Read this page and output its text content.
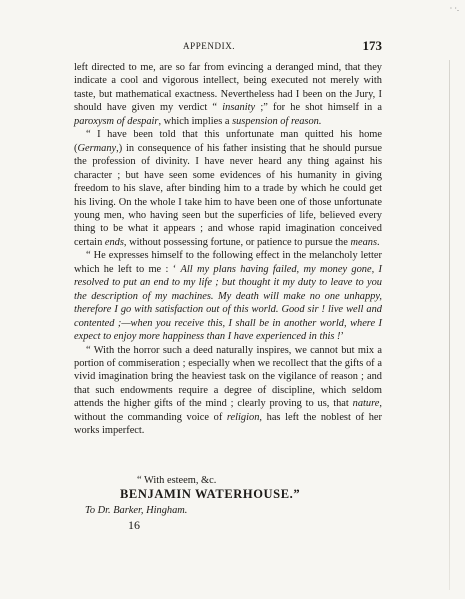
· ·.
APPENDIX.	173

left directed to me, are so far from evincing a deranged mind, that they indicate a cool and vigorous intellect, being executed not merely with taste, but mathematical exactness. Nevertheless had I been on the Jury, I should have given my verdict “ insanity ;” for he shot himself in a paroxysm of despair, which implies a suspension of reason.

“ I have been told that this unfortunate man quitted his home (Germany,) in consequence of his father insisting that he should pursue the profession of divinity. I have never heard any thing against his character ; but have seen some evidences of his humanity in giving freedom to his slave, after binding him to a trade by which he could get his living. On the whole I take him to have been one of those unfortunate young men, who having seen but the superficies of life, believed every thing to be what it appears ; and whose rapid imagination conceived certain ends, without possessing fortune, or patience to pursue the means.

“ He expresses himself to the following effect in the melancholy letter which he left to me : ‘ All my plans having failed, my money gone, I resolved to put an end to my life ; but thought it my duty to leave to you the description of my machines. My death will make no one unhappy, therefore I go with satisfaction out of this world. Good sir ! live well and contented ;—when you receive this, I shall be in another world, where I expect to enjoy more happiness than I have experienced in this !’

“ With the horror such a deed naturally inspires, we cannot but mix a portion of commiseration ; especially when we recollect that the gifts of a vivid imagination bring the heaviest task on the vigilance of reason ; and that such endowments require a degree of discipline, which seldom attends the higher gifts of the mind ; clearly proving to us, that nature, without the commanding voice of religion, has left the noblest of her works imperfect.

“ With esteem, &c.
BENJAMIN WATERHOUSE.”
To Dr. Barker, Hingham.
16
